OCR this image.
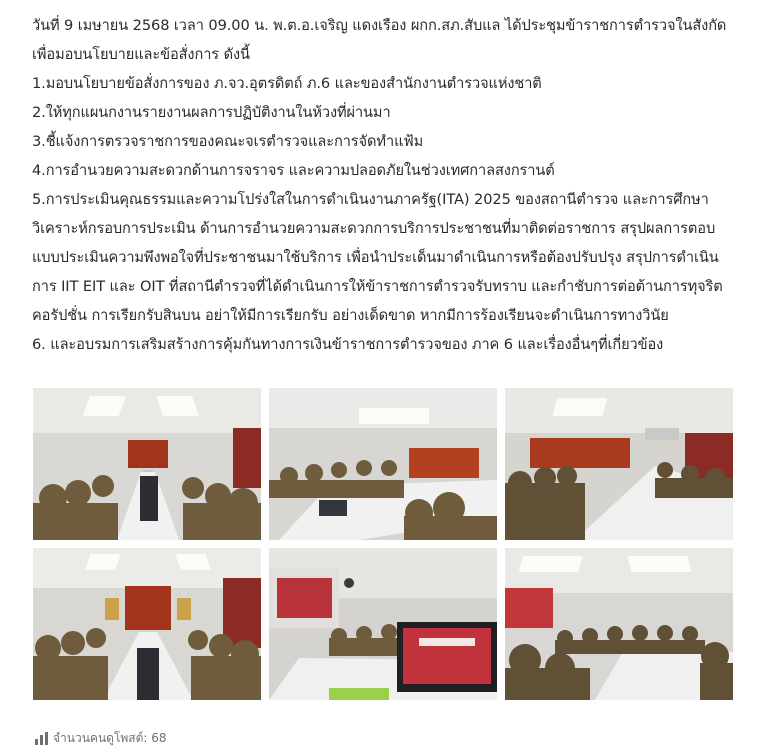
วันที่ 9 เมษายน 2568 เวลา 09.00 น. พ.ต.อ.เจริญ แดงเรือง ผกก.สภ.สับแล ได้ประชุมข้าราชการตำรวจในสังกัด
เพื่อมอบนโยบายและข้อสั่งการ ดังนี้
1.มอบนโยบายข้อสั่งการของ ภ.จว.อุตรดิตถ์ ภ.6 และของสำนักงานตำรวจแห่งชาติ
2.ให้ทุกแผนกงานรายงานผลการปฏิบัติงานในห้วงที่ผ่านมา
3.ชี้แจ้งการตรวจราชการของคณะจเรตำรวจและการจัดทำแฟ้ม
4.การอำนวยความสะดวกด้านการจราจร และความปลอดภัยในช่วงเทศกาลสงกรานต์
5.การประเมินคุณธรรมและความโปร่งใสในการดำเนินงานภาครัฐ(ITA) 2025 ของสถานีตำรวจ และการศึกษา
วิเคราะห์กรอบการประเมิน ด้านการอำนวยความสะดวกการบริการประชาชนที่มาติดต่อราชการ สรุปผลการตอบ
แบบประเมินความพึงพอใจที่ประชาชนมาใช้บริการ เพื่อนำประเด็นมาดำเนินการหรือต้องปรับปรุง สรุปการดำเนิน
การ IIT EIT และ OIT ที่สถานีตำรวจที่ได้ดำเนินการให้ข้าราชการตำรวจรับทราบ และกำชับการต่อต้านการทุจริต
คอรัปชั่น การเรียกรับสินบน อย่าให้มีการเรียกรับ อย่างเด็ดขาด หากมีการร้องเรียนจะดำเนินการทางวินัย
6. และอบรมการเสริมสร้างการคุ้มกันทางการเงินข้าราชการตำรวจของ ภาค 6 และเรื่องอื่นๆที่เกี่ยวข้อง
จำนวนคนดูโพสต์: 68
